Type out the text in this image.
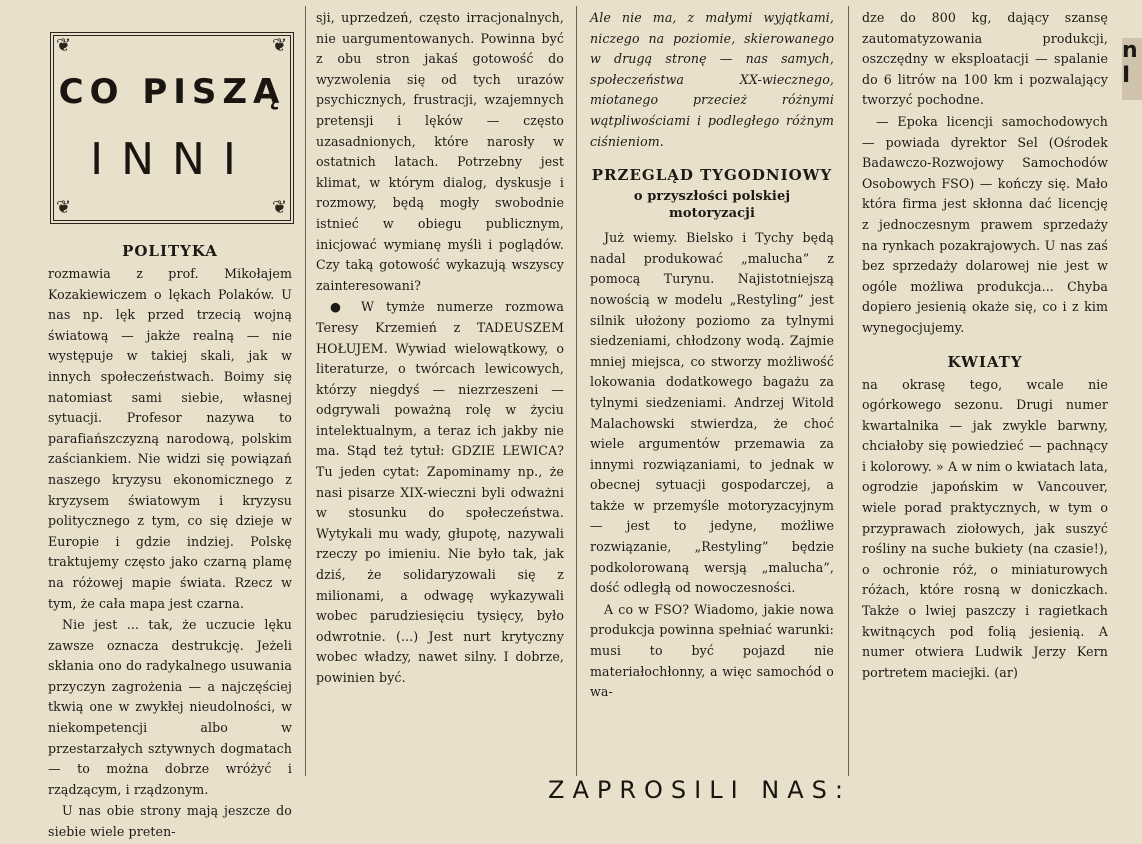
❦	❦
❦	❦
CO PISZĄ
INNI
POLITYKA

rozmawia z prof. Mikołajem Kozakiewiczem o lękach Polaków. U nas np. lęk przed trzecią wojną światową — jakże realną — nie występuje w takiej skali, jak w innych społeczeństwach. Boimy się natomiast sami siebie, własnej sytuacji. Profesor nazywa to parafiańszczyzną narodową, polskim zaściankiem. Nie widzi się powiązań naszego kryzysu ekonomicznego z kryzysem światowym i kryzysu politycznego z tym, co się dzieje w Europie i gdzie indziej. Polskę traktujemy często jako czarną plamę na różowej mapie świata. Rzecz w tym, że cała mapa jest czarna.

Nie jest ... tak, że uczucie lęku zawsze oznacza destrukcję. Jeżeli skłania ono do radykalnego usuwania przyczyn zagrożenia — a najczęściej tkwią one w zwykłej nieudolności, w niekompetencji albo w przestarzałych sztywnych dogmatach — to można dobrze wróżyć i rządzącym, i rządzonym.

U nas obie strony mają jeszcze do siebie wiele preten-

sji, uprzedzeń, często irracjonalnych, nie uargumentowanych. Powinna być z obu stron jakaś gotowość do wyzwolenia się od tych urazów psychicznych, frustracji, wzajemnych pretensji i lęków — często uzasadnionych, które narosły w ostatnich latach. Potrzebny jest klimat, w którym dialog, dyskusje i rozmowy, będą mogły swobodnie istnieć w obiegu publicznym, inicjować wymianę myśli i poglądów. Czy taką gotowość wykazują wszyscy zainteresowani?

● W tymże numerze rozmowa Teresy Krzemień z TADEUSZEM HOŁUJEM. Wywiad wielowątkowy, o literaturze, o twórcach lewicowych, którzy niegdyś — niezrzeszeni — odgrywali poważną rolę w życiu intelektualnym, a teraz ich jakby nie ma. Stąd też tytuł: GDZIE LEWICA? Tu jeden cytat: Zapominamy np., że nasi pisarze XIX-wieczni byli odważni w stosunku do społeczeństwa. Wytykali mu wady, głupotę, nazywali rzeczy po imieniu. Nie było tak, jak dziś, że solidaryzowali się z milionami, a odwagę wykazywali wobec parudziesięciu tysięcy, było odwrotnie. (...) Jest nurt krytyczny wobec władzy, nawet silny. I dobrze, powinien być.

Ale nie ma, z małymi wyjątkami, niczego na poziomie, skierowanego w drugą stronę — nas samych, społeczeństwa XX-wiecznego, miotanego przecież różnymi wątpliwościami i podległego różnym ciśnieniom.

PRZEGLĄD TYGODNIOWY
o przyszłości polskiej motoryzacji

Już wiemy. Bielsko i Tychy będą nadal produkować „malucha” z pomocą Turynu. Najistotniejszą nowością w modelu „Restyling” jest silnik ułożony poziomo za tylnymi siedzeniami, chłodzony wodą. Zajmie mniej miejsca, co stworzy możliwość lokowania dodatkowego bagażu za tylnymi siedzeniami. Andrzej Witold Malachowski stwierdza, że choć wiele argumentów przemawia za innymi rozwiązaniami, to jednak w obecnej sytuacji gospodarczej, a także w przemyśle motoryzacyjnym — jest to jedyne, możliwe rozwiązanie, „Restyling” będzie podkolorowaną wersją „malucha”, dość odległą od nowoczesności.

A co w FSO? Wiadomo, jakie nowa produkcja powinna spełniać warunki: musi to być pojazd nie materiałochłonny, a więc samochód o wa-

dze do 800 kg, dający szansę zautomatyzowania produkcji, oszczędny w eksploatacji — spalanie do 6 litrów na 100 km i pozwalający tworzyć pochodne.

— Epoka licencji samochodowych — powiada dyrektor Sel (Ośrodek Badawczo-Rozwojowy Samochodów Osobowych FSO) — kończy się. Mało która firma jest skłonna dać licencję z jednoczesnym prawem sprzedaży na rynkach pozakrajowych. U nas zaś bez sprzedaży dolarowej nie jest w ogóle możliwa produkcja... Chyba dopiero jesienią okaże się, co i z kim wynegocjujemy.

KWIATY

na okrasę tego, wcale nie ogórkowego sezonu. Drugi numer kwartalnika — jak zwykle barwny, chciałoby się powiedzieć — pachnący i kolorowy. » A w nim o kwiatach lata, ogrodzie japońskim w Vancouver, wiele porad praktycznych, w tym o przyprawach ziołowych, jak suszyć rośliny na suche bukiety (na czasie!), o ochronie róż, o miniaturowych różach, które rosną w doniczkach. Także o lwiej paszczy i ragietkach kwitnących pod folią jesienią. A numer otwiera Ludwik Jerzy Kern portretem maciejki. (ar)

ZAPROSILI NAS:
n
I
